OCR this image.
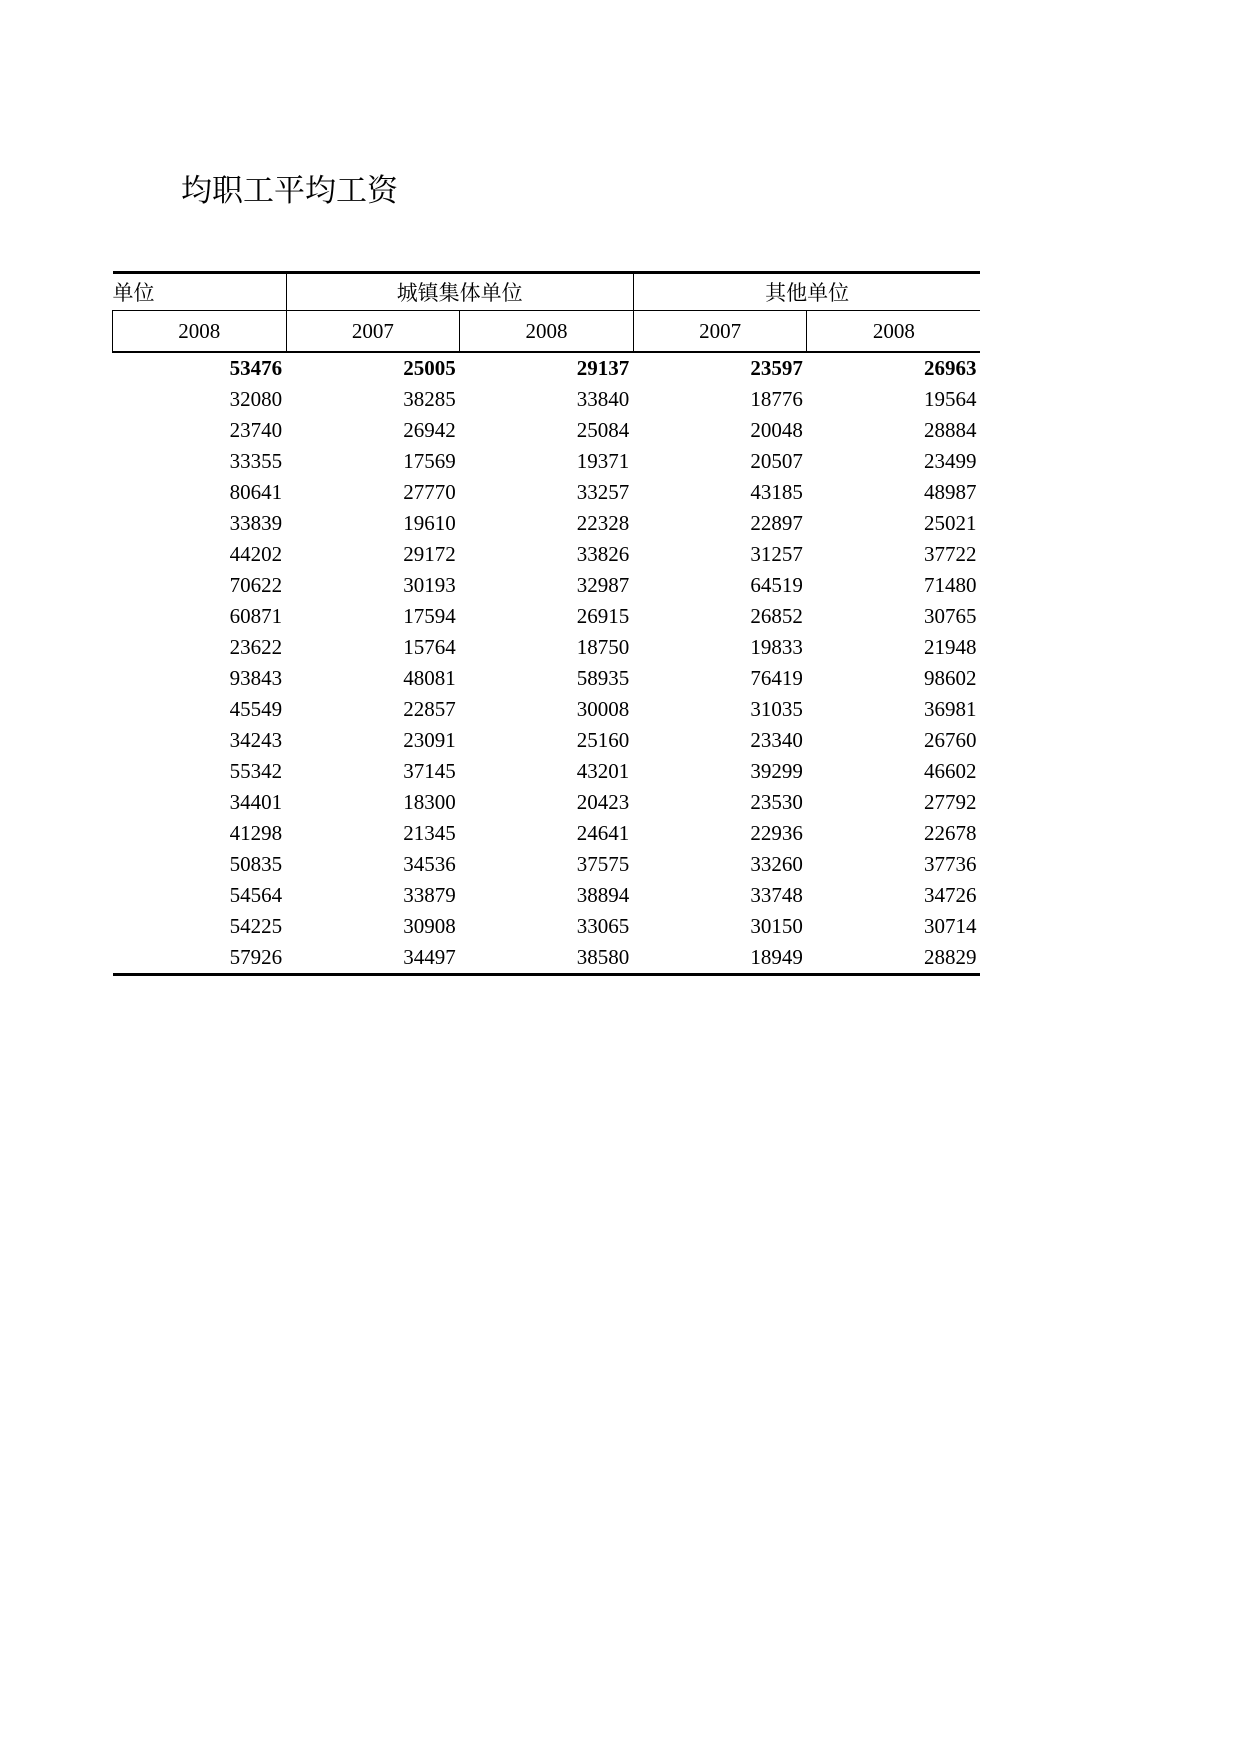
均职工平均工资
单位	城镇集体单位		其他单位	
2008	2007	2008	2007	2008
53476	25005	29137	23597	26963
32080	38285	33840	18776	19564
23740	26942	25084	20048	28884
33355	17569	19371	20507	23499
80641	27770	33257	43185	48987
33839	19610	22328	22897	25021
44202	29172	33826	31257	37722
70622	30193	32987	64519	71480
60871	17594	26915	26852	30765
23622	15764	18750	19833	21948
93843	48081	58935	76419	98602
45549	22857	30008	31035	36981
34243	23091	25160	23340	26760
55342	37145	43201	39299	46602
34401	18300	20423	23530	27792
41298	21345	24641	22936	22678
50835	34536	37575	33260	37736
54564	33879	38894	33748	34726
54225	30908	33065	30150	30714
57926	34497	38580	18949	28829
